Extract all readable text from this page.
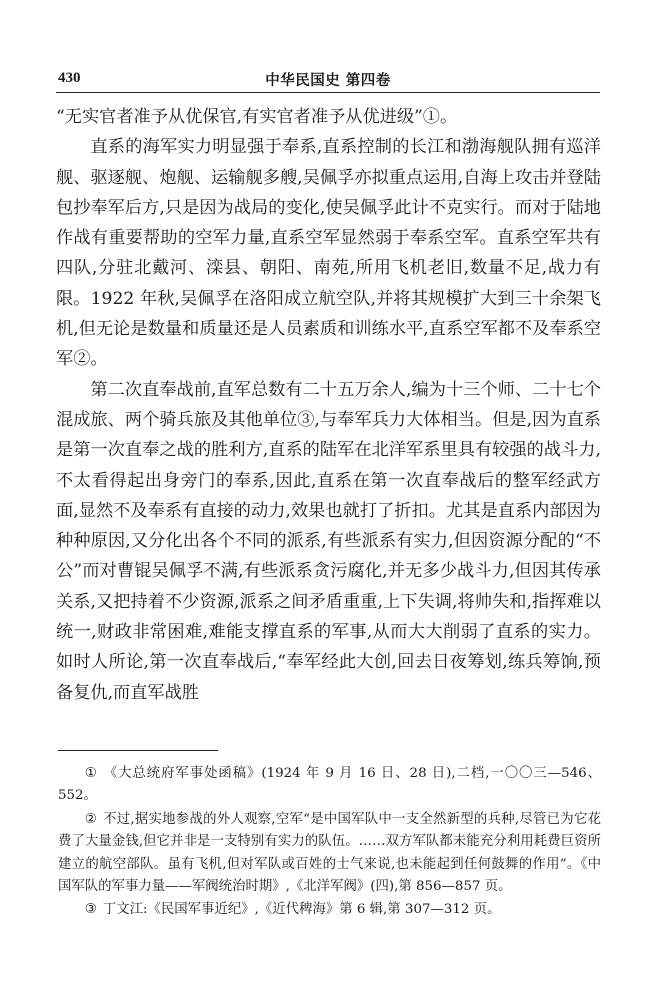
430	中华民国史 第四卷

“无实官者准予从优保官,有实官者准予从优进级”①。

直系的海军实力明显强于奉系,直系控制的长江和渤海舰队拥有巡洋舰、驱逐舰、炮舰、运输舰多艘,吴佩孚亦拟重点运用,自海上攻击并登陆包抄奉军后方,只是因为战局的变化,使吴佩孚此计不克实行。而对于陆地作战有重要帮助的空军力量,直系空军显然弱于奉系空军。直系空军共有四队,分驻北戴河、滦县、朝阳、南苑,所用飞机老旧,数量不足,战力有限。1922 年秋,吴佩孚在洛阳成立航空队,并将其规模扩大到三十余架飞机,但无论是数量和质量还是人员素质和训练水平,直系空军都不及奉系空军②。

第二次直奉战前,直军总数有二十五万余人,编为十三个师、二十七个混成旅、两个骑兵旅及其他单位③,与奉军兵力大体相当。但是,因为直系是第一次直奉之战的胜利方,直系的陆军在北洋军系里具有较强的战斗力,不太看得起出身旁门的奉系,因此,直系在第一次直奉战后的整军经武方面,显然不及奉系有直接的动力,效果也就打了折扣。尤其是直系内部因为种种原因,又分化出各个不同的派系,有些派系有实力,但因资源分配的“不公”而对曹锟吴佩孚不满,有些派系贪污腐化,并无多少战斗力,但因其传承关系,又把持着不少资源,派系之间矛盾重重,上下失调,将帅失和,指挥难以统一,财政非常困难,难能支撑直系的军事,从而大大削弱了直系的实力。如时人所论,第一次直奉战后,“奉军经此大创,回去日夜筹划,练兵筹饷,预备复仇,而直军战胜

① 《大总统府军事处函稿》(1924 年 9 月 16 日、28 日),二档,一〇〇三—546、552。

② 不过,据实地参战的外人观察,空军“是中国军队中一支全然新型的兵种,尽管已为它花费了大量金钱,但它并非是一支特别有实力的队伍。……双方军队都未能充分利用耗费巨资所建立的航空部队。虽有飞机,但对军队或百姓的士气来说,也未能起到任何鼓舞的作用”。《中国军队的军事力量——军阀统治时期》,《北洋军阀》(四),第 856—857 页。

③ 丁文江:《民国军事近纪》,《近代稗海》第 6 辑,第 307—312 页。
